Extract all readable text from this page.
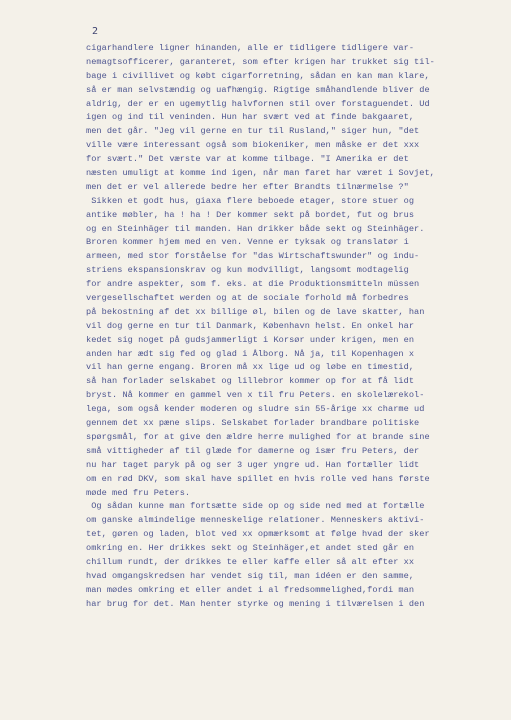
2
cigarhandlere ligner hinanden, alle er tidligere tidligere var-
nemagtsofficerer, garanteret, som efter krigen har trukket sig til-
bage i civillivet og købt cigarforretning, sådan en kan man klare,
så er man selvstændig og uafhængig. Rigtige småhandlende bliver de
aldrig, der er en ugemytlig halvfornen stil over forstaguendet. Ud
igen og ind til veninden. Hun har svært ved at finde bakgaaret,
men det går. "Jeg vil gerne en tur til Rusland," siger hun, "det
ville være interessant også som biokeniker, men måske er det xxx
for svært." Det værste var at komme tilbage. "I Amerika er det
næsten umuligt at komme ind igen, når man faret har været i Sovjet,
men det er vel allerede bedre her efter Brandts tilnærmelse ?"
Sikken et godt hus, giaxa flere beboede etager, store stuer og
antike møbler, ha ! ha ! Der kommer sekt på bordet, fut og brus
og en Steinhäger til manden. Han drikker både sekt og Steinhäger.
Broren kommer hjem med en ven. Venne er tyksak og translatør i
armeen, med stor forståelse for "das Wirtschaftswunder" og indu-
striens ekspansionskrav og kun modvilligt, langsomt modtagelig
for andre aspekter, som f. eks. at die Produktionsmitteln müssen
vergesellschaftet werden og at de sociale forhold må forbedres
på bekostning af det xx billige øl, bilen og de lave skatter, han
vil dog gerne en tur til Danmark, København helst. En onkel har
kedet sig noget på gudsjammerligt i Korsør under krigen, men en
anden har ædt sig fed og glad i Ålborg. Nå ja, til Kopenhagen x
vil han gerne engang. Broren må xx lige ud og løbe en timestid,
så han forlader selskabet og lillebror kommer op for at få lidt
bryst. Nå kommer en gammel ven x til fru Peters. en skolelærekol-
lega, som også kender moderen og sludre sin 55-årige xx charme ud
gennem det xx pæne slips. Selskabet forlader brandbare politiske
spørgsmål, for at give den ældre herre mulighed for at brande sine
små vittigheder af til glæde for damerne og især fru Peters, der
nu har taget paryk på og ser 3 uger yngre ud. Han fortæller lidt
om en rød DKV, som skal have spillet en hvis rolle ved hans første
møde med fru Peters.
Og sådan kunne man fortsætte side op og side ned med at fortælle
om ganske almindelige menneskelige relationer. Menneskers aktivi-
tet, gøren og laden, blot ved xx opmærksomt at følge hvad der sker
omkring en. Her drikkes sekt og Steinhäger,et andet sted går en
chillum rundt, der drikkes te eller kaffe eller så alt efter xx
hvad omgangskredsen har vendet sig til, man idéen er den samme,
man mødes omkring et eller andet i al fredsommelighed,fordi man
har brug for det. Man henter styrke og mening i tilværelsen i den
